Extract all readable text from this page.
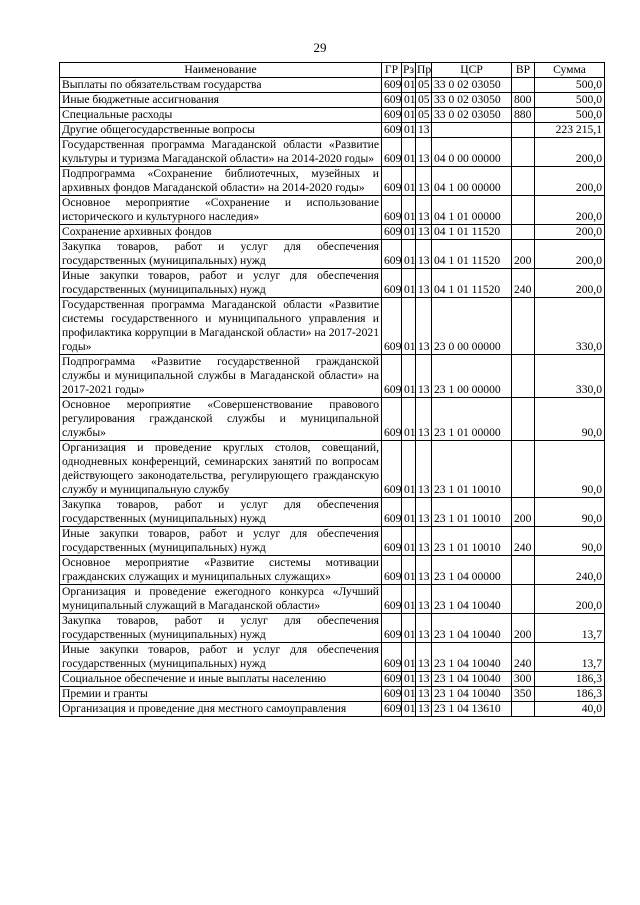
29
Наименование	ГР	Рз	Пр	ЦСР	ВР	Сумма
Выплаты по обязательствам государства	609	01	05	33 0 02 03050		500,0
Иные бюджетные ассигнования	609	01	05	33 0 02 03050	800	500,0
Специальные расходы	609	01	05	33 0 02 03050	880	500,0
Другие общегосударственные вопросы	609	01	13			223 215,1
Государственная программа Магаданской области «Развитие культуры и туризма Магаданской области» на 2014-2020 годы»	609	01	13	04 0 00 00000		200,0
Подпрограмма «Сохранение библиотечных, музейных и архивных фондов Магаданской области» на 2014-2020 годы»	609	01	13	04 1 00 00000		200,0
Основное мероприятие «Сохранение и использование исторического и культурного наследия»	609	01	13	04 1 01 00000		200,0
Сохранение архивных фондов	609	01	13	04 1 01 11520		200,0
Закупка товаров, работ и услуг для обеспечения государственных (муниципальных) нужд	609	01	13	04 1 01 11520	200	200,0
Иные закупки товаров, работ и услуг для обеспечения государственных (муниципальных) нужд	609	01	13	04 1 01 11520	240	200,0
Государственная программа Магаданской области «Развитие системы государственного и муниципального управления и профилактика коррупции в Магаданской области» на 2017-2021 годы»	609	01	13	23 0 00 00000		330,0
Подпрограмма «Развитие государственной гражданской службы и муниципальной службы в Магаданской области» на 2017-2021 годы»	609	01	13	23 1 00 00000		330,0
Основное мероприятие «Совершенствование правового регулирования гражданской службы и муниципальной службы»	609	01	13	23 1 01 00000		90,0
Организация и проведение круглых столов, совещаний, однодневных конференций, семинарских занятий по вопросам действующего законодательства, регулирующего гражданскую службу и муниципальную службу	609	01	13	23 1 01 10010		90,0
Закупка товаров, работ и услуг для обеспечения государственных (муниципальных) нужд	609	01	13	23 1 01 10010	200	90,0
Иные закупки товаров, работ и услуг для обеспечения государственных (муниципальных) нужд	609	01	13	23 1 01 10010	240	90,0
Основное мероприятие «Развитие системы мотивации гражданских служащих и муниципальных служащих»	609	01	13	23 1 04 00000		240,0
Организация и проведение ежегодного конкурса «Лучший муниципальный служащий в Магаданской области»	609	01	13	23 1 04 10040		200,0
Закупка товаров, работ и услуг для обеспечения государственных (муниципальных) нужд	609	01	13	23 1 04 10040	200	13,7
Иные закупки товаров, работ и услуг для обеспечения государственных (муниципальных) нужд	609	01	13	23 1 04 10040	240	13,7
Социальное обеспечение и иные выплаты населению	609	01	13	23 1 04 10040	300	186,3
Премии и гранты	609	01	13	23 1 04 10040	350	186,3
Организация и проведение дня местного самоуправления	609	01	13	23 1 04 13610		40,0
